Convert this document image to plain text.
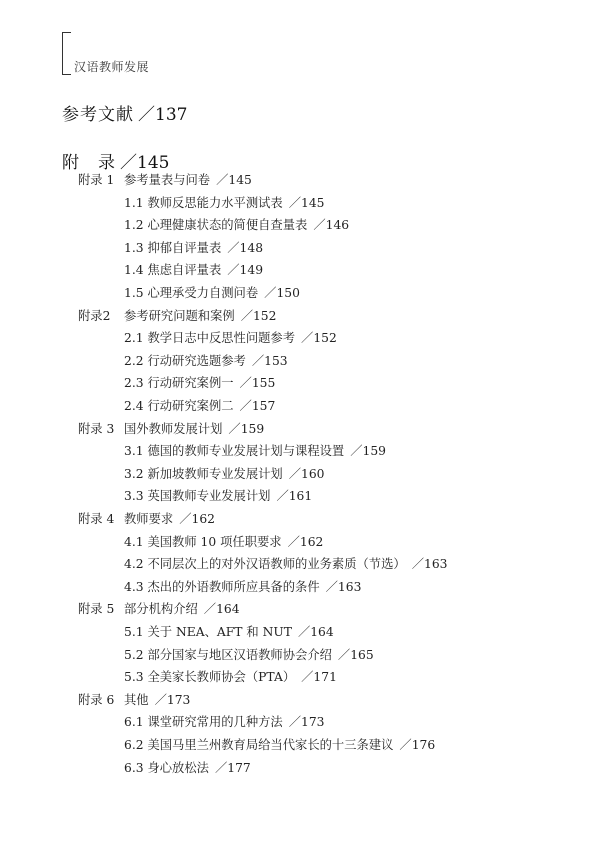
汉语教师发展
参考文献 ／137
附　录 ／145
附录 1 参考量表与问卷 ／145
1.1 教师反思能力水平测试表 ／145
1.2 心理健康状态的简便自查量表 ／146
1.3 抑郁自评量表 ／148
1.4 焦虑自评量表 ／149
1.5 心理承受力自测问卷 ／150
附录2 参考研究问题和案例 ／152
2.1 教学日志中反思性问题参考 ／152
2.2 行动研究选题参考 ／153
2.3 行动研究案例一 ／155
2.4 行动研究案例二 ／157
附录 3 国外教师发展计划 ／159
3.1 德国的教师专业发展计划与课程设置 ／159
3.2 新加坡教师专业发展计划 ／160
3.3 英国教师专业发展计划 ／161
附录 4 教师要求 ／162
4.1 美国教师 10 项任职要求 ／162
4.2 不同层次上的对外汉语教师的业务素质（节选） ／163
4.3 杰出的外语教师所应具备的条件 ／163
附录 5 部分机构介绍 ／164
5.1 关于 NEA、AFT 和 NUT ／164
5.2 部分国家与地区汉语教师协会介绍 ／165
5.3 全美家长教师协会（PTA） ／171
附录 6 其他 ／173
6.1 课堂研究常用的几种方法 ／173
6.2 美国马里兰州教育局给当代家长的十三条建议 ／176
6.3 身心放松法 ／177
